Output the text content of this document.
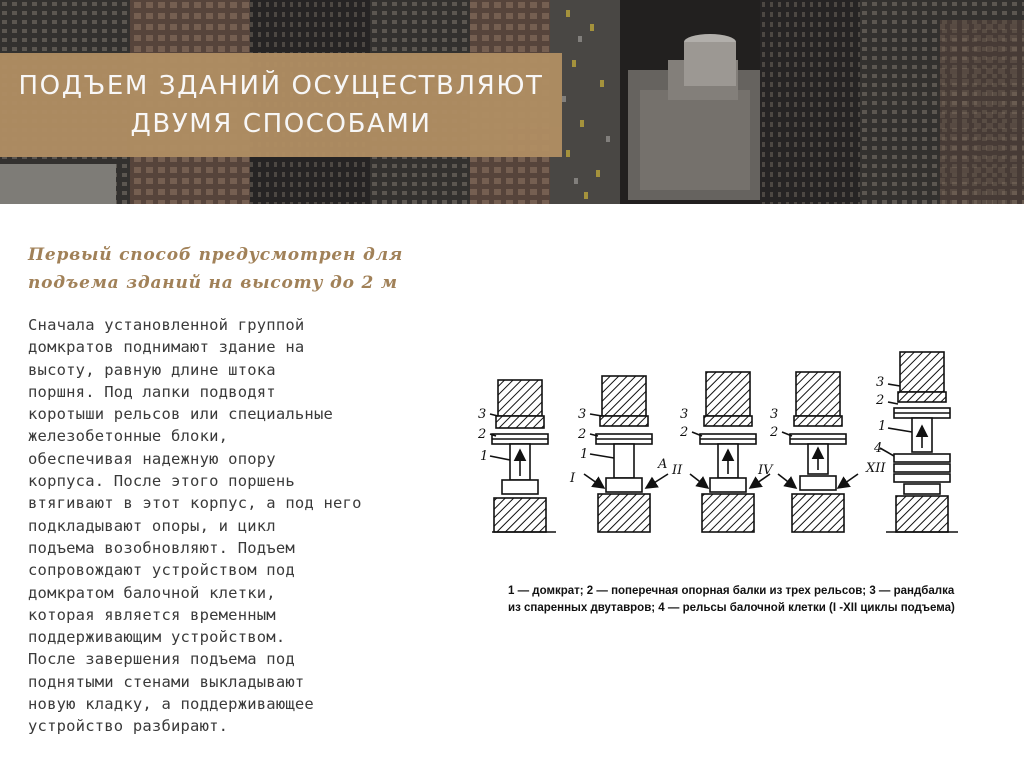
ПОДЪЕМ ЗДАНИЙ ОСУЩЕСТВЛЯЮТ
ДВУМЯ СПОСОБАМИ
Первый способ предусмотрен для подъема зданий на высоту до 2 м
Сначала установленной группой
домкратов поднимают здание на
высоту, равную длине штока
поршня. Под лапки подводят
коротыши рельсов или специальные
железобетонные блоки,
обеспечивая надежную опору
корпуса. После этого поршень
втягивают в этот корпус, а под него
подкладывают опоры, и цикл
подъема возобновляют. Подъем
сопровождают устройством под
домкратом балочной клетки,
которая является временным
поддерживающим устройством.
После завершения подъема под
поднятыми стенами выкладывают
новую кладку, а поддерживающее
устройство разбирают.
3
2
1
3
2
1
I
A
3
2
II
3
2
IV
3
2
1
4
XII
1 — домкрат; 2 — поперечная опорная балки из трех рельсов; 3 — рандбалка из спаренных двутавров; 4 — рельсы балочной клетки (I -XII циклы подъема)
